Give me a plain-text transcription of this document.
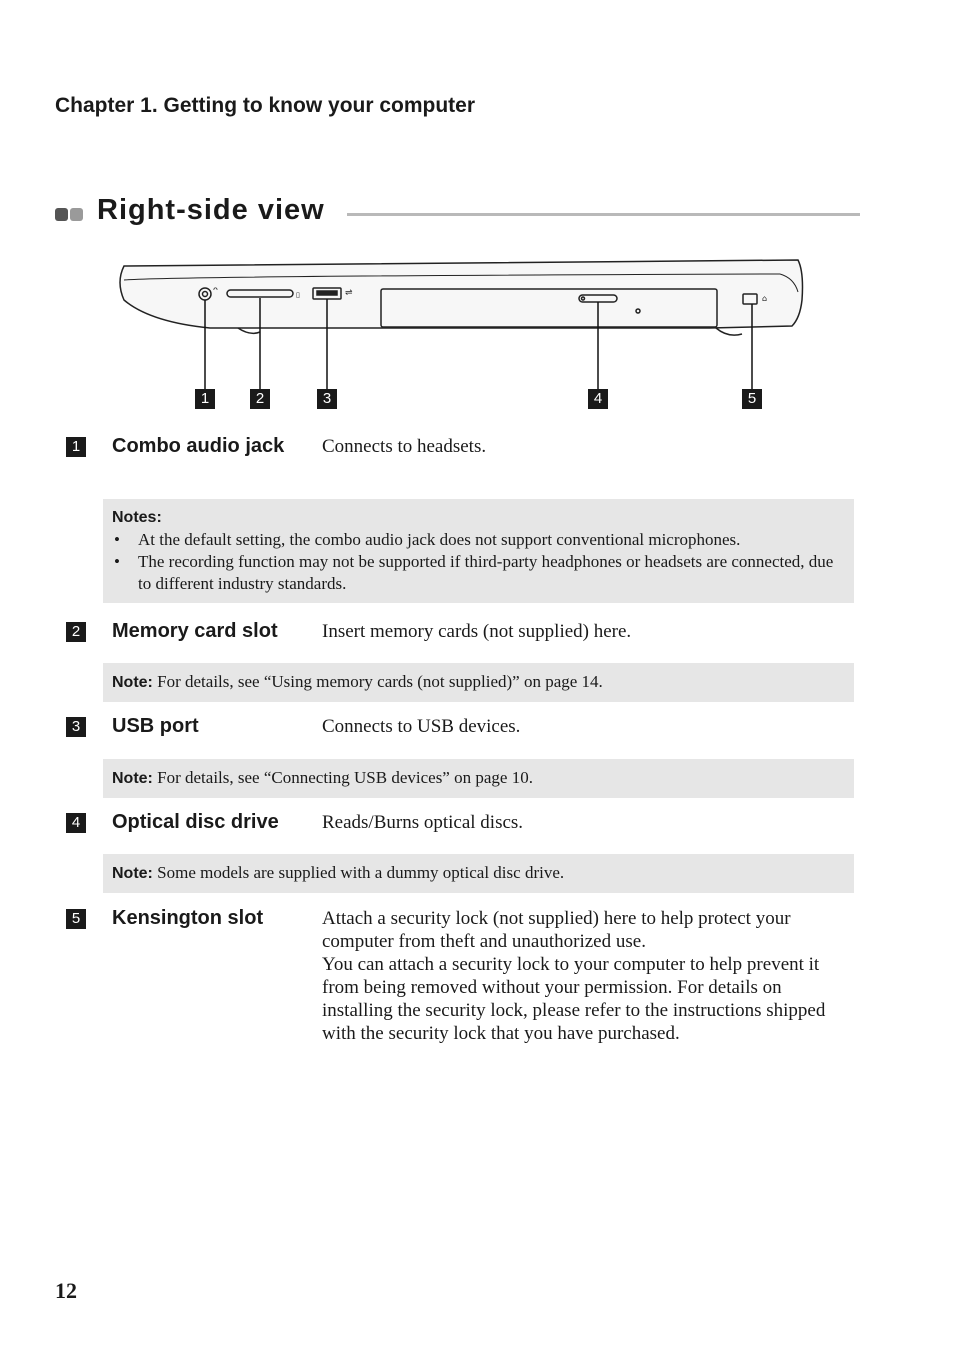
Chapter 1. Getting to know your computer
Right-side view
ᴖ
▯	⇌
⌂
1	2	3	4	5
1 Combo audio jack	Connects to headsets.

Notes:
• At the default setting, the combo audio jack does not support conventional microphones.
• The recording function may not be supported if third-party headphones or headsets are connected, due to different industry standards.
2 Memory card slot	Insert memory cards (not supplied) here.

Note: For details, see “Using memory cards (not supplied)” on page 14.
3 USB port	Connects to USB devices.

Note: For details, see “Connecting USB devices” on page 10.
4 Optical disc drive	Reads/Burns optical discs.

Note: Some models are supplied with a dummy optical disc drive.
5 Kensington slot	Attach a security lock (not supplied) here to help protect your computer from theft and unauthorized use.

You can attach a security lock to your computer to help prevent it from being removed without your permission. For details on installing the security lock, please refer to the instructions shipped with the security lock that you have purchased.

12
